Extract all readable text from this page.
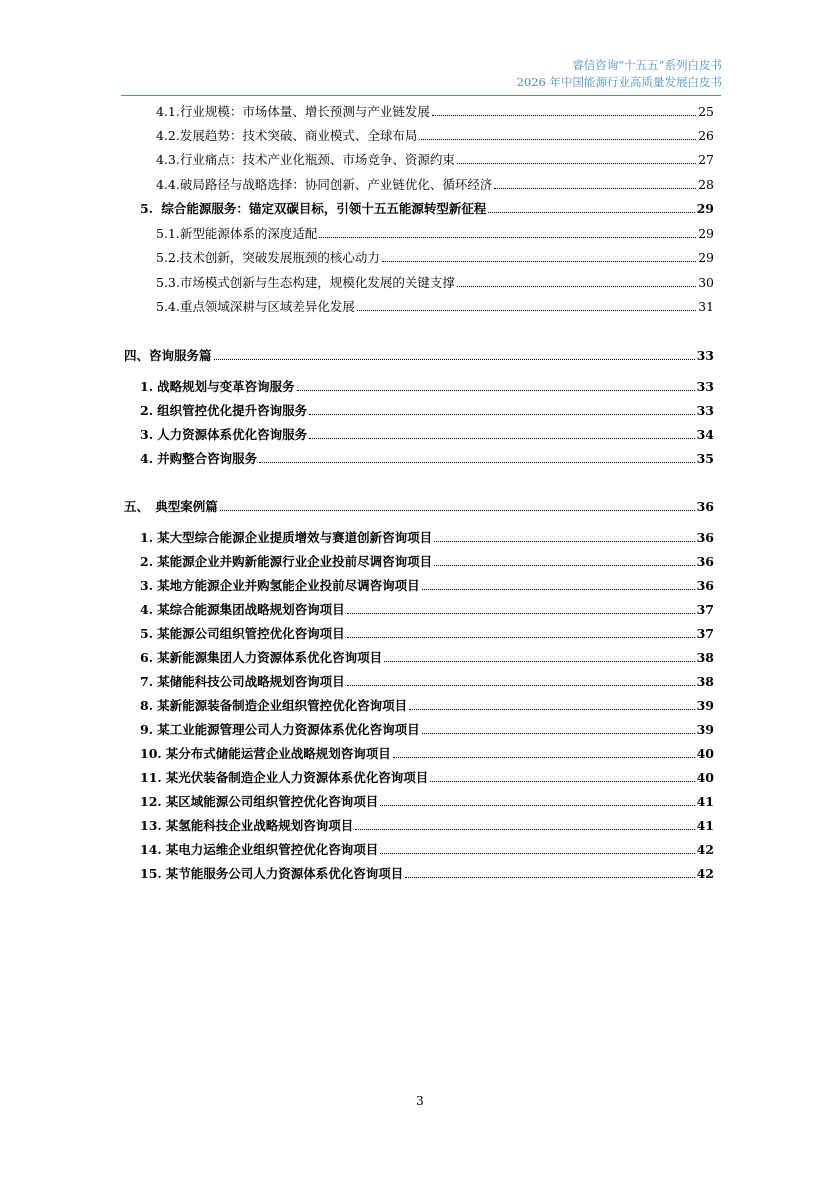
睿信咨询“十五五”系列白皮书
2026 年中国能源行业高质量发展白皮书
4.1.行业规模：市场体量、增长预测与产业链发展	25
4.2.发展趋势：技术突破、商业模式、全球布局	26
4.3.行业痛点：技术产业化瓶颈、市场竞争、资源约束	27
4.4.破局路径与战略选择：协同创新、产业链优化、循环经济	28
5. 综合能源服务：锚定双碳目标，引领十五五能源转型新征程	29
5.1.新型能源体系的深度适配	29
5.2.技术创新，突破发展瓶颈的核心动力	29
5.3.市场模式创新与生态构建，规模化发展的关键支撑	30
5.4.重点领域深耕与区域差异化发展	31
四、咨询服务篇	33
1. 战略规划与变革咨询服务	33
2. 组织管控优化提升咨询服务	33
3. 人力资源体系优化咨询服务	34
4. 并购整合咨询服务	35
五、　典型案例篇	36
1. 某大型综合能源企业提质增效与赛道创新咨询项目	36
2. 某能源企业并购新能源行业企业投前尽调咨询项目	36
3. 某地方能源企业并购氢能企业投前尽调咨询项目	36
4. 某综合能源集团战略规划咨询项目	37
5. 某能源公司组织管控优化咨询项目	37
6. 某新能源集团人力资源体系优化咨询项目	38
7. 某储能科技公司战略规划咨询项目	38
8. 某新能源装备制造企业组织管控优化咨询项目	39
9. 某工业能源管理公司人力资源体系优化咨询项目	39
10. 某分布式储能运营企业战略规划咨询项目	40
11. 某光伏装备制造企业人力资源体系优化咨询项目	40
12. 某区域能源公司组织管控优化咨询项目	41
13. 某氢能科技企业战略规划咨询项目	41
14. 某电力运维企业组织管控优化咨询项目	42
15. 某节能服务公司人力资源体系优化咨询项目	42
3
